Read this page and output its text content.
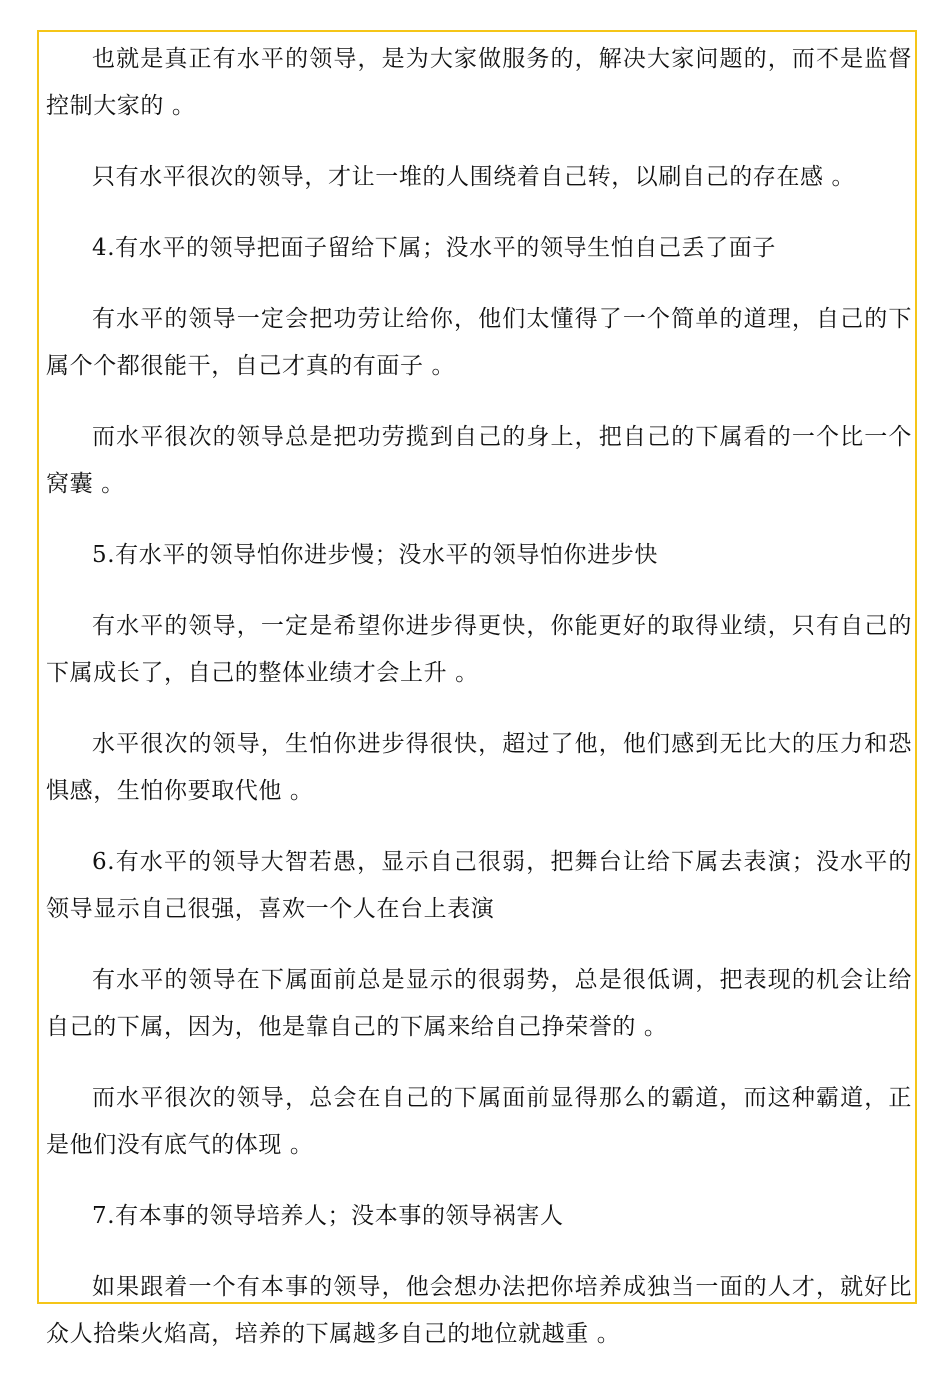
也就是真正有水平的领导，是为大家做服务的，解决大家问题的，而不是监督控制大家的 。

只有水平很次的领导，才让一堆的人围绕着自己转，以刷自己的存在感 。

4.有水平的领导把面子留给下属；没水平的领导生怕自己丢了面子

有水平的领导一定会把功劳让给你，他们太懂得了一个简单的道理，自己的下属个个都很能干，自己才真的有面子 。

而水平很次的领导总是把功劳揽到自己的身上，把自己的下属看的一个比一个窝囊 。

5.有水平的领导怕你进步慢；没水平的领导怕你进步快

有水平的领导，一定是希望你进步得更快，你能更好的取得业绩，只有自己的下属成长了，自己的整体业绩才会上升 。

水平很次的领导，生怕你进步得很快，超过了他，他们感到无比大的压力和恐惧感，生怕你要取代他 。

6.有水平的领导大智若愚，显示自己很弱，把舞台让给下属去表演；没水平的领导显示自己很强，喜欢一个人在台上表演

有水平的领导在下属面前总是显示的很弱势，总是很低调，把表现的机会让给自己的下属，因为，他是靠自己的下属来给自己挣荣誉的 。

而水平很次的领导，总会在自己的下属面前显得那么的霸道，而这种霸道，正是他们没有底气的体现 。

7.有本事的领导培养人；没本事的领导祸害人

如果跟着一个有本事的领导，他会想办法把你培养成独当一面的人才，就好比众人拾柴火焰高，培养的下属越多自己的地位就越重 。
